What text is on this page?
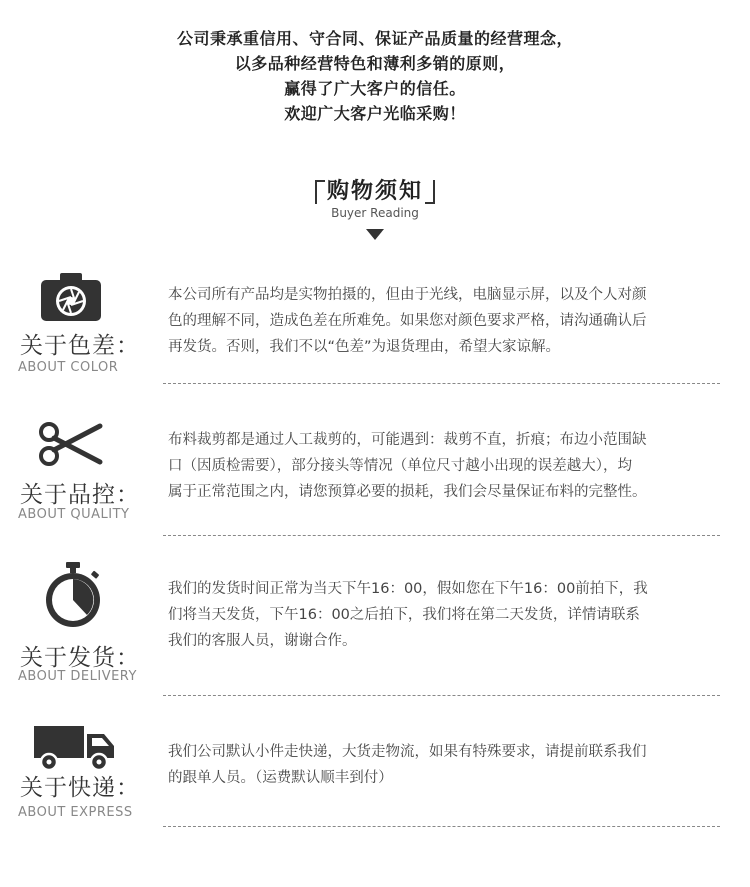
公司秉承重信用、守合同、保证产品质量的经营理念，
以多品种经营特色和薄利多销的原则，
赢得了广大客户的信任。
欢迎广大客户光临采购！
购物须知
Buyer Reading
关于色差：
ABOUT COLOR
本公司所有产品均是实物拍摄的，但由于光线，电脑显示屏，以及个人对颜
色的理解不同，造成色差在所难免。如果您对颜色要求严格，请沟通确认后
再发货。否则，我们不以“色差”为退货理由，希望大家谅解。
关于品控：
ABOUT QUALITY
布料裁剪都是通过人工裁剪的，可能遇到：裁剪不直，折痕；布边小范围缺
口（因质检需要），部分接头等情况（单位尺寸越小出现的误差越大），均
属于正常范围之内，请您预算必要的损耗，我们会尽量保证布料的完整性。
关于发货：
ABOUT DELIVERY
我们的发货时间正常为当天下午16：00，假如您在下午16：00前拍下，我
们将当天发货，下午16：00之后拍下，我们将在第二天发货，详情请联系
我们的客服人员，谢谢合作。
关于快递：
ABOUT EXPRESS
我们公司默认小件走快递，大货走物流，如果有特殊要求，请提前联系我们
的跟单人员。（运费默认顺丰到付）
